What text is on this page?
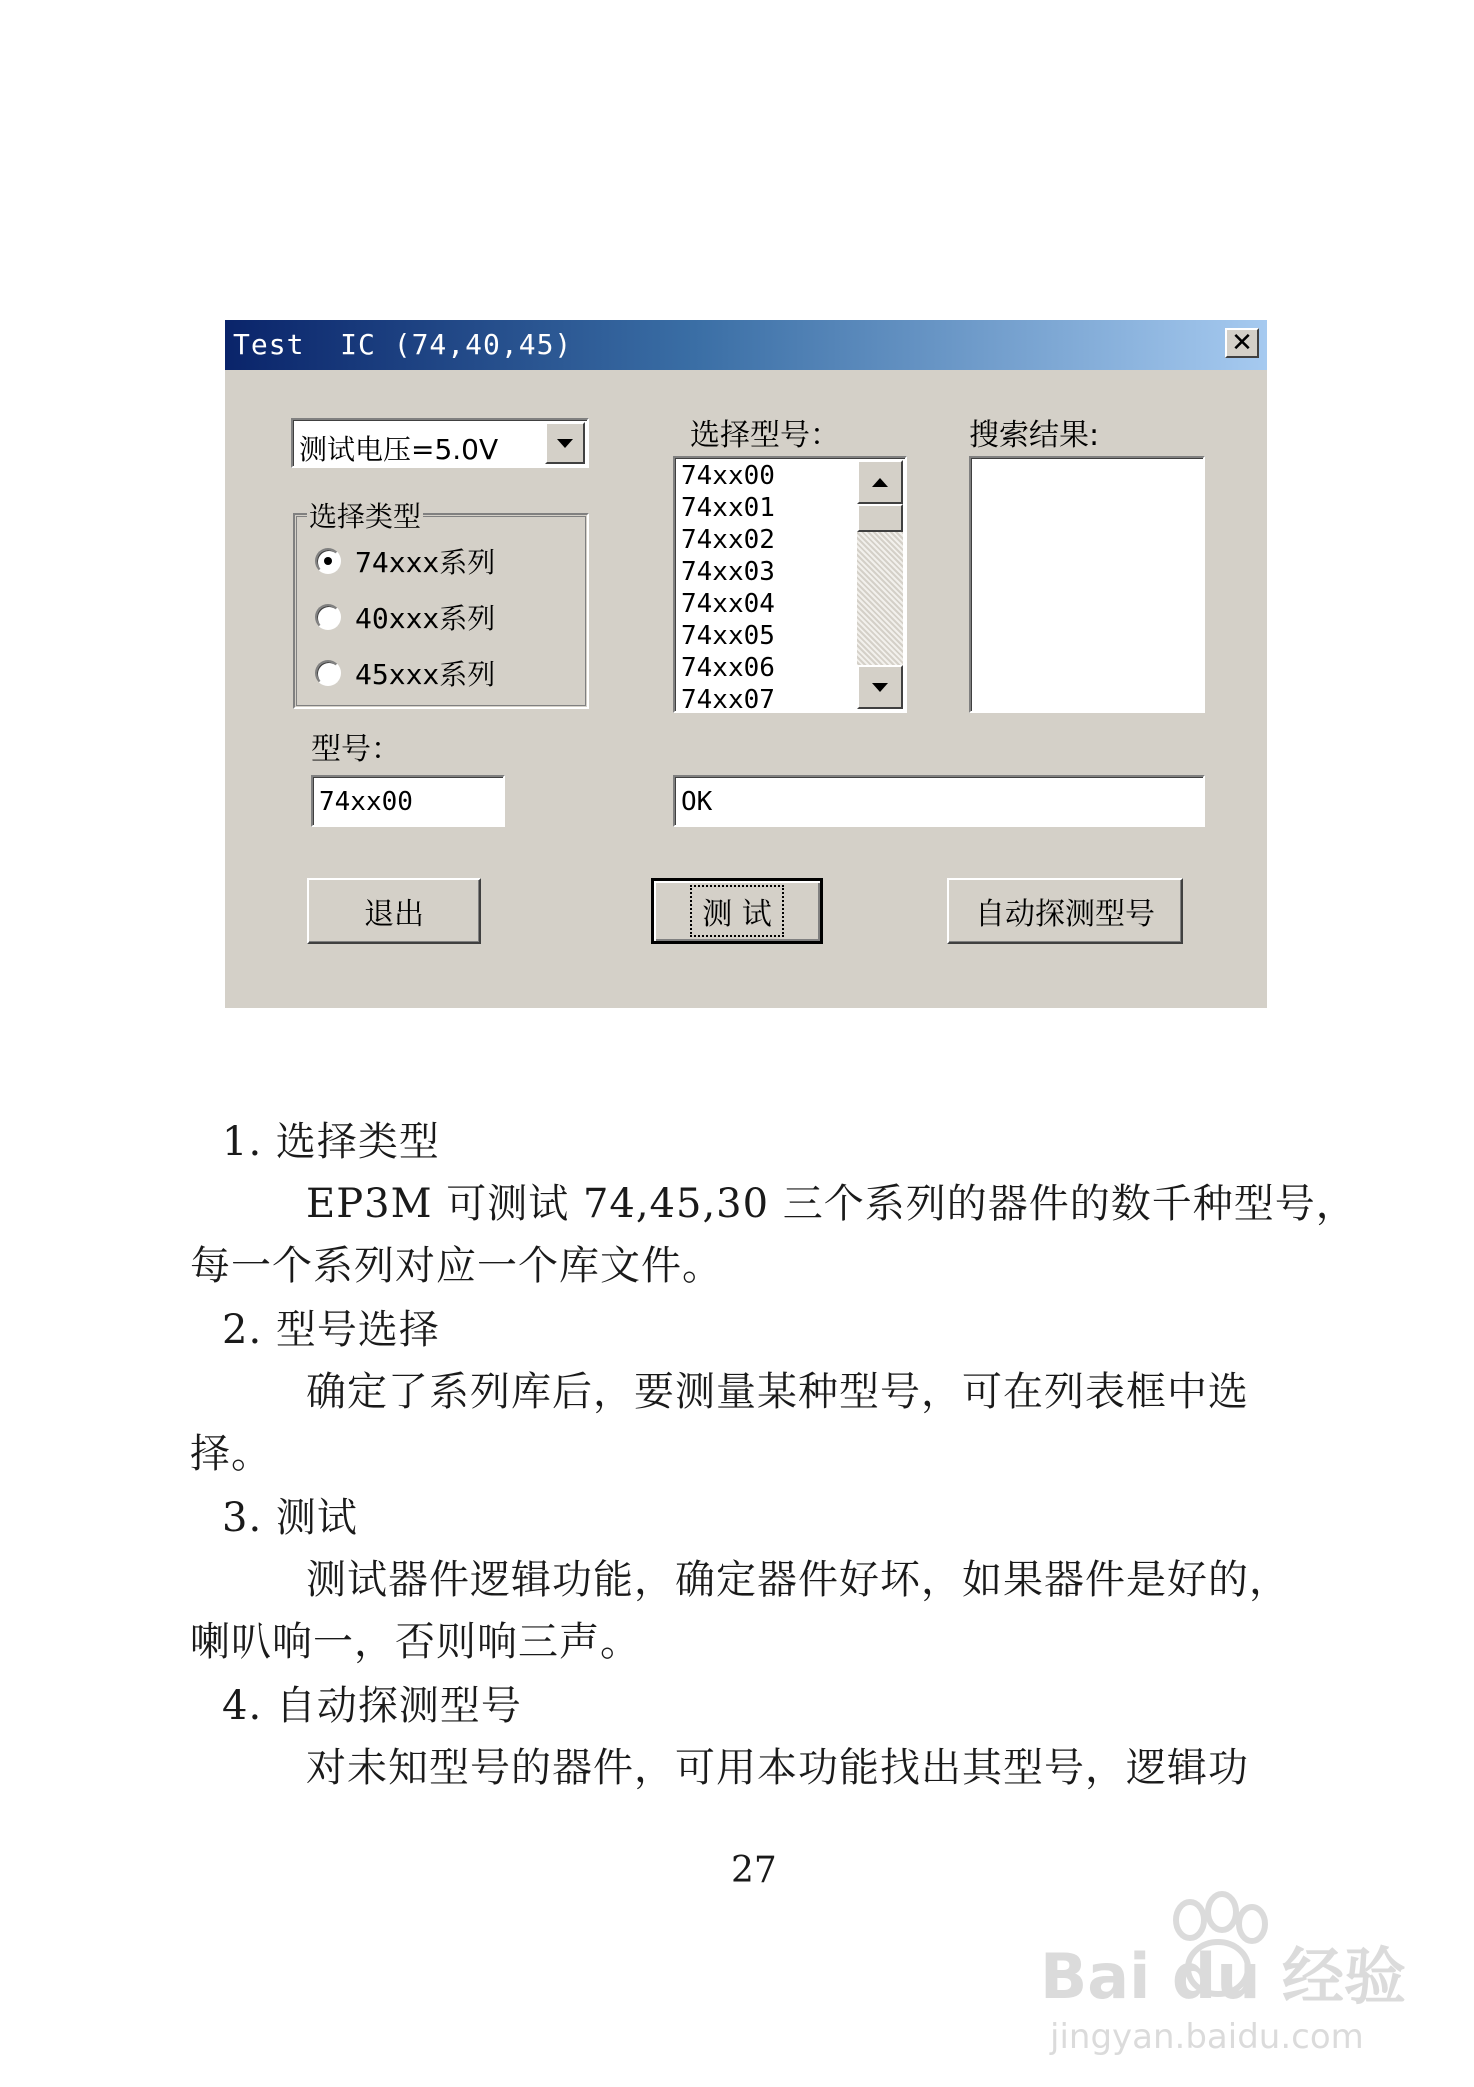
Test  IC (74,40,45)	✕
测试电压=5.0V
选择类型
74xxx系列
40xxx系列
45xxx系列
选择型号：	搜索结果:
型号：
74xx00
74xx01
74xx02
74xx03
74xx04
74xx05
74xx06
74xx07
74xx00	OK
退出	测 试	自动探测型号
1. 选择类型
EP3M 可测试 74,45,30 三个系列的器件的数千种型号，
每一个系列对应一个库文件。
2. 型号选择
确定了系列库后，要测量某种型号，可在列表框中选
择。
3. 测试
测试器件逻辑功能，确定器件好坏，如果器件是好的，
喇叭响一，否则响三声。
4. 自动探测型号
对未知型号的器件，可用本功能找出其型号，逻辑功
27
Bai du 经验
jingyan.baidu.com
